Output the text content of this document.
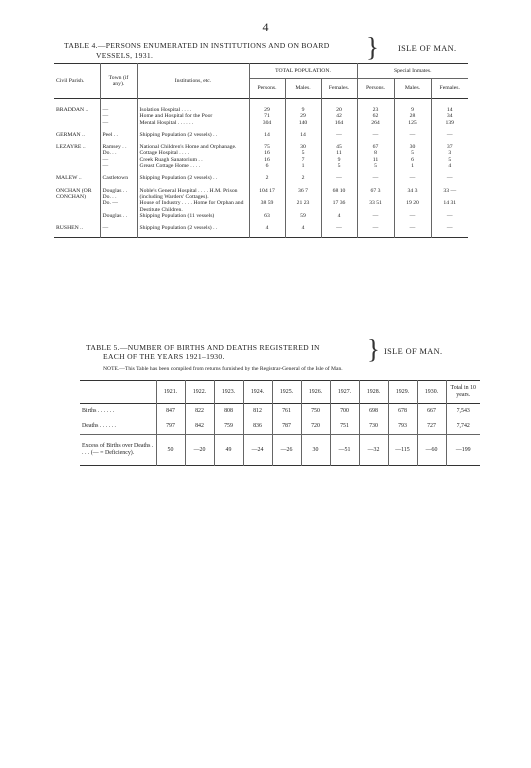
4
TABLE 4.—PERSONS ENUMERATED IN INSTITUTIONS AND ON BOARD
VESSELS, 1931.	} ISLE OF MAN.
Civil Parish.	Town (if any).	Institutions, etc.	TOTAL POPULATION.			Special Inmates.		
			Persons.	Males.	Females.	Persons.	Males.	Females.
BRADDAN ..	—	Isolation Hospital . . . .	29	9	20	23	9	14
	—	Home and Hospital for the Poor	71	29	42	62	28	34
	—	Mental Hospital . . . . . .	304	140	164	264	125	139
GERMAN ..	Peel . .	Shipping Population (2 vessels) . .	14	14	—	—	—	—
LEZAYRE ..	Ramsey . .	National Children's Home and Orphanage.	75	30	45	67	30	37
	Do. . .	Cottage Hospital . . . .	16	5	11	8	5	3
	—	Creek Ruagh Sanatorium . .	16	7	9	11	6	5
	—	Greast Cottage Home . . . .	6	1	5	5	1	4
MALEW ..	Castletown	Shipping Population (2 vessels) . .	2	2	—	—	—	—
ONCHAN (OR CONCHAN)	Douglas . . Do. . .	Noble's General Hospital . . . . H.M. Prison (including Warders' Cottages).	104 17	36 7	68 10	67 3	34 3	33 —
	Do. —	House of Industry . . . . Home for Orphan and Destitute Children.	38 59	21 23	17 36	33 51	19 20	14 31
	Douglas . .	Shipping Population (11 vessels)	63	59	4	—	—	—
RUSHEN ..	—	Shipping Population (2 vessels) . .	4	4	—	—	—	—

TABLE 5.—NUMBER OF BIRTHS AND DEATHS REGISTERED IN
EACH OF THE YEARS 1921–1930.	} ISLE OF MAN.
NOTE.—This Table has been compiled from returns furnished by the Registrar-General of the Isle of Man.
	1921.	1922.	1923.	1924.	1925.	1926.	1927.	1928.	1929.	1930.	Total in 10 years.
Births . . . . . .	847	822	808	812	761	750	700	698	678	667	7,543
Deaths . . . . . .	797	842	759	836	787	720	751	730	793	727	7,742
Excess of Births over Deaths . . . . (— = Deficiency).	50	—20	49	—24	—26	30	—51	—32	—115	—60	—199
